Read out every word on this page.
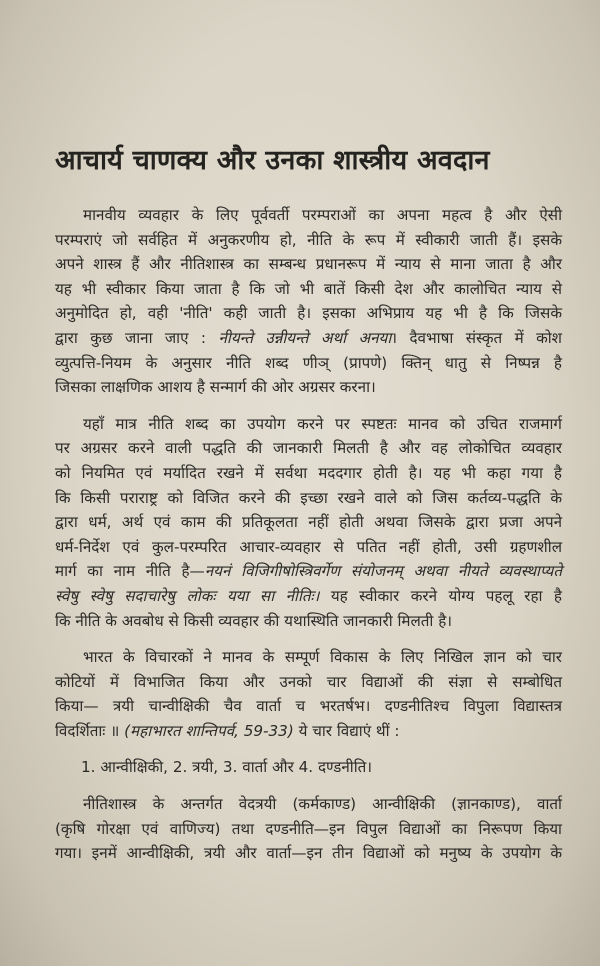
आचार्य चाणक्य और उनका शास्त्रीय अवदान
मानवीय व्यवहार के लिए पूर्ववर्ती परम्पराओं का अपना महत्व है और ऐसी
परम्पराएं जो सर्वहित में अनुकरणीय हो, नीति के रूप में स्वीकारी जाती हैं। इसके
अपने शास्त्र हैं और नीतिशास्त्र का सम्बन्ध प्रधानरूप में न्याय से माना जाता है और
यह भी स्वीकार किया जाता है कि जो भी बातें किसी देश और कालोचित न्याय से
अनुमोदित हो, वही 'नीति' कही जाती है। इसका अभिप्राय यह भी है कि जिसके
द्वारा कुछ जाना जाए : नीयन्ते उन्नीयन्ते अर्था अनया। दैवभाषा संस्कृत में कोश
व्युत्पत्ति-नियम के अनुसार नीति शब्द णीञ् (प्रापणे) क्तिन् धातु से निष्पन्न है
जिसका लाक्षणिक आशय है सन्मार्ग की ओर अग्रसर करना।
यहाँ मात्र नीति शब्द का उपयोग करने पर स्पष्टतः मानव को उचित राजमार्ग
पर अग्रसर करने वाली पद्धति की जानकारी मिलती है और वह लोकोचित व्यवहार
को नियमित एवं मर्यादित रखने में सर्वथा मददगार होती है। यह भी कहा गया है
कि किसी पराराष्ट्र को विजित करने की इच्छा रखने वाले को जिस कर्तव्य-पद्धति के
द्वारा धर्म, अर्थ एवं काम की प्रतिकूलता नहीं होती अथवा जिसके द्वारा प्रजा अपने
धर्म-निर्देश एवं कुल-परम्परित आचार-व्यवहार से पतित नहीं होती, उसी ग्रहणशील
मार्ग का नाम नीति है—नयनं विजिगीषोस्त्रिवर्गेण संयोजनम् अथवा नीयते व्यवस्थाप्यते
स्वेषु स्वेषु सदाचारेषु लोकः यया सा नीतिः। यह स्वीकार करने योग्य पहलू रहा है
कि नीति के अवबोध से किसी व्यवहार की यथास्थिति जानकारी मिलती है।
भारत के विचारकों ने मानव के सम्पूर्ण विकास के लिए निखिल ज्ञान को चार
कोटियों में विभाजित किया और उनको चार विद्याओं की संज्ञा से सम्बोधित
किया— त्रयी चान्वीक्षिकी चैव वार्ता च भरतर्षभ। दण्डनीतिश्च विपुला विद्यास्तत्र
विदर्शिताः ॥ (महाभारत शान्तिपर्व, 59-33) ये चार विद्याएं थीं :
1. आन्वीक्षिकी, 2. त्रयी, 3. वार्ता और 4. दण्डनीति।
नीतिशास्त्र के अन्तर्गत वेदत्रयी (कर्मकाण्ड) आन्वीक्षिकी (ज्ञानकाण्ड), वार्ता
(कृषि गोरक्षा एवं वाणिज्य) तथा दण्डनीति—इन विपुल विद्याओं का निरूपण किया
गया। इनमें आन्वीक्षिकी, त्रयी और वार्ता—इन तीन विद्याओं को मनुष्य के उपयोग के
